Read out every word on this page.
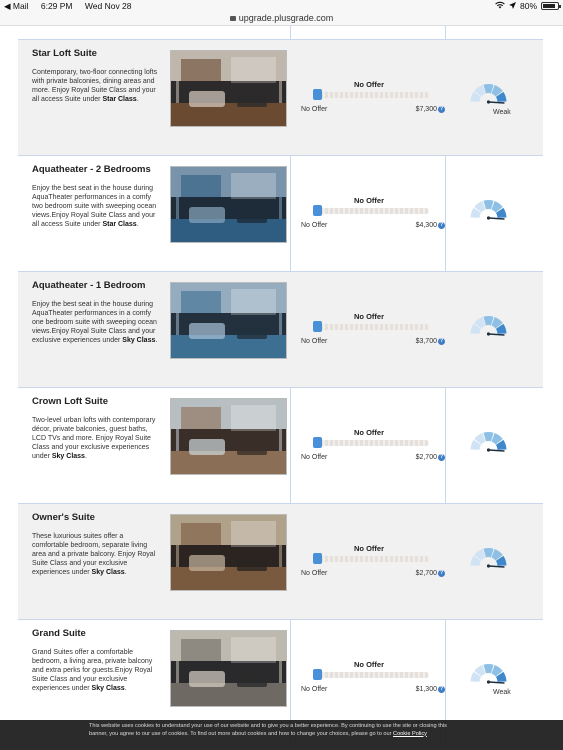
◀ Mail 6:29 PM Wed Nov 28	80%
upgrade.plusgrade.com
Star Loft Suite
Contemporary, two-floor connecting lofts with private balconies, dining areas and more. Enjoy Royal Suite Class and your all access Suite under Star Class.
No Offer
No Offer	$7,300 ?	Weak
Aquatheater - 2 Bedrooms
Enjoy the best seat in the house during AquaTheater performances in a comfy two bedroom suite with sweeping ocean views.Enjoy Royal Suite Class and your all access Suite under Star Class.
No Offer
No Offer	$4,300 ?
Aquatheater - 1 Bedroom
Enjoy the best seat in the house during AquaTheater performances in a comfy one bedroom suite with sweeping ocean views.Enjoy Royal Suite Class and your exclusive experiences under Sky Class.
No Offer
No Offer	$3,700 ?
Crown Loft Suite
Two-level urban lofts with contemporary décor, private balconies, guest baths, LCD TVs and more. Enjoy Royal Suite Class and your exclusive experiences under Sky Class.
No Offer
No Offer	$2,700 ?
Owner's Suite
These luxurious suites offer a comfortable bedroom, separate living area and a private balcony. Enjoy Royal Suite Class and your exclusive experiences under Sky Class.
No Offer
No Offer	$2,700 ?
Grand Suite
Grand Suites offer a comfortable bedroom, a living area, private balcony and extra perks for guests.Enjoy Royal Suite Class and your exclusive experiences under Sky Class.
No Offer
No Offer	$1,300 ?	Weak
This website uses cookies to understand your use of our website and to give you a better experience. By continuing to use the site or closing this banner, you agree to our use of cookies. To find out more about cookies and how to change your choices, please go to our Cookie Policy
